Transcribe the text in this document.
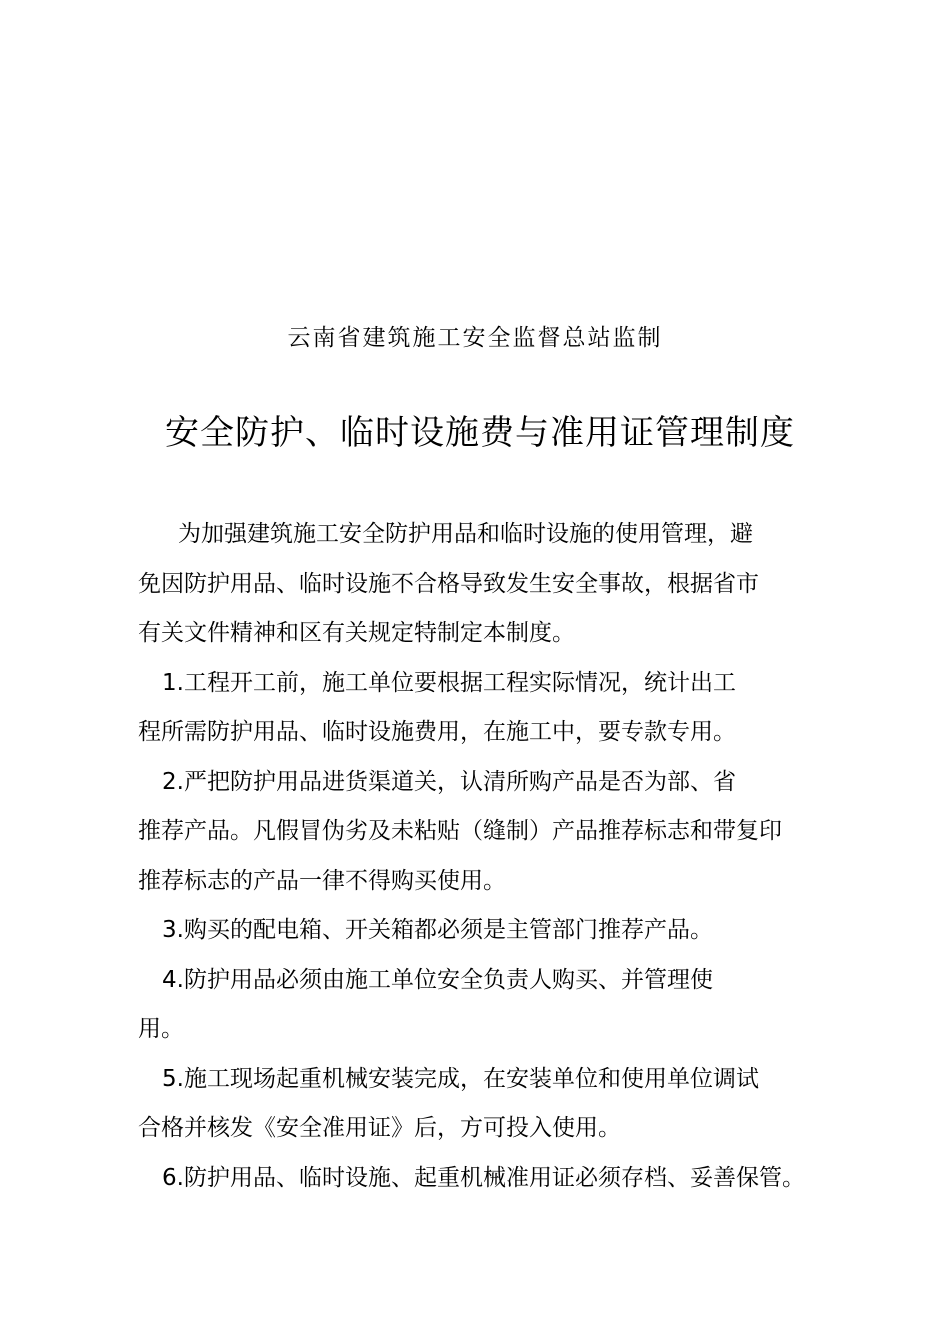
云南省建筑施工安全监督总站监制
安全防护、临时设施费与准用证管理制度
为加强建筑施工安全防护用品和临时设施的使用管理，避
免因防护用品、临时设施不合格导致发生安全事故，根据省市
有关文件精神和区有关规定特制定本制度。
1.工程开工前，施工单位要根据工程实际情况，统计出工
程所需防护用品、临时设施费用，在施工中，要专款专用。
2.严把防护用品进货渠道关，认清所购产品是否为部、省
推荐产品。凡假冒伪劣及未粘贴（缝制）产品推荐标志和带复印
推荐标志的产品一律不得购买使用。
3.购买的配电箱、开关箱都必须是主管部门推荐产品。
4.防护用品必须由施工单位安全负责人购买、并管理使
用。
5.施工现场起重机械安装完成，在安装单位和使用单位调试
合格并核发《安全准用证》后，方可投入使用。
6.防护用品、临时设施、起重机械准用证必须存档、妥善保管。
